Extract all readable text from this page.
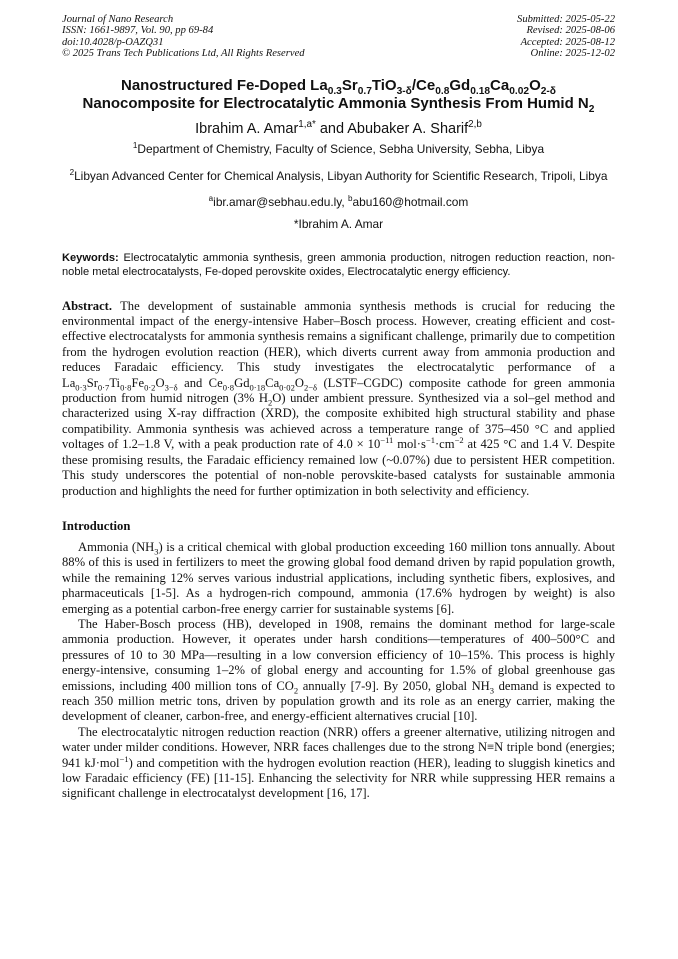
Journal of Nano Research
ISSN: 1661-9897, Vol. 90, pp 69-84
doi:10.4028/p-OAZQ31
© 2025 Trans Tech Publications Ltd, All Rights Reserved
Submitted: 2025-05-22
Revised: 2025-08-06
Accepted: 2025-08-12
Online: 2025-12-02
Nanostructured Fe-Doped $La_{0.3}Sr_{0.7}TiO_{3-\delta}/Ce_{0.8}Gd_{0.18}Ca_{0.02}O_{2-\delta}$
Nanocomposite for Electrocatalytic Ammonia Synthesis From Humid $N_2$
Ibrahim A. Amar$^{1,a*}$ and Abubaker A. Sharif$^{2,b}$
$^1$Department of Chemistry, Faculty of Science, Sebha University, Sebha, Libya
$^2$Libyan Advanced Center for Chemical Analysis, Libyan Authority for Scientific Research, Tripoli, Libya
$^a$ibr.amar@sebhau.edu.ly, $^b$abu160@hotmail.com
*Ibrahim A. Amar
Keywords: Electrocatalytic ammonia synthesis, green ammonia production, nitrogen reduction reaction, non-noble metal electrocatalysts, Fe-doped perovskite oxides, Electrocatalytic energy efficiency.
Abstract. The development of sustainable ammonia synthesis methods is crucial for reducing the environmental impact of the energy-intensive Haber–Bosch process. However, creating efficient and cost-effective electrocatalysts for ammonia synthesis remains a significant challenge, primarily due to competition from the hydrogen evolution reaction (HER), which diverts current away from ammonia production and reduces Faradaic efficiency. This study investigates the electrocatalytic performance of a $La_{0\cdot 3}Sr_{0\cdot 7}Ti_{0\cdot 8}Fe_{0\cdot 2}O_{3-\delta}$ and $Ce_{0\cdot 8}Gd_{0\cdot 18}Ca_{0\cdot 02}O_{2-\delta}$ (LSTF–CGDC) composite cathode for green ammonia production from humid nitrogen (3% $H_2O$) under ambient pressure. Synthesized via a sol–gel method and characterized using X-ray diffraction (XRD), the composite exhibited high structural stability and phase compatibility. Ammonia synthesis was achieved across a temperature range of 375–450 °C and applied voltages of 1.2–1.8 V, with a peak production rate of $4.0 \times 10^{-11}$ $mol\cdot s^{-1}\cdot cm^{-2}$ at 425 °C and 1.4 V. Despite these promising results, the Faradaic efficiency remained low (~0.07%) due to persistent HER competition. This study underscores the potential of non-noble perovskite-based catalysts for sustainable ammonia production and highlights the need for further optimization in both selectivity and efficiency.
Introduction

Ammonia $(NH_3)$ is a critical chemical with global production exceeding 160 million tons annually. About 88% of this is used in fertilizers to meet the growing global food demand driven by rapid population growth, while the remaining 12% serves various industrial applications, including synthetic fibers, explosives, and pharmaceuticals [1-5]. As a hydrogen-rich compound, ammonia (17.6% hydrogen by weight) is also emerging as a potential carbon-free energy carrier for sustainable systems [6].

The Haber-Bosch process (HB), developed in 1908, remains the dominant method for large-scale ammonia production. However, it operates under harsh conditions—temperatures of 400–500°C and pressures of 10 to 30 MPa—resulting in a low conversion efficiency of 10–15%. This process is highly energy-intensive, consuming 1–2% of global energy and accounting for 1.5% of global greenhouse gas emissions, including 400 million tons of $CO_2$ annually [7-9]. By 2050, global $NH_3$ demand is expected to reach 350 million metric tons, driven by population growth and its role as an energy carrier, making the development of cleaner, carbon-free, and energy-efficient alternatives crucial [10].

The electrocatalytic nitrogen reduction reaction (NRR) offers a greener alternative, utilizing nitrogen and water under milder conditions. However, NRR faces challenges due to the strong N≡N triple bond (energies; 941 kJ·mol$^{-1}$) and competition with the hydrogen evolution reaction (HER), leading to sluggish kinetics and low Faradaic efficiency (FE) [11-15]. Enhancing the selectivity for NRR while suppressing HER remains a significant challenge in electrocatalyst development [16, 17].
